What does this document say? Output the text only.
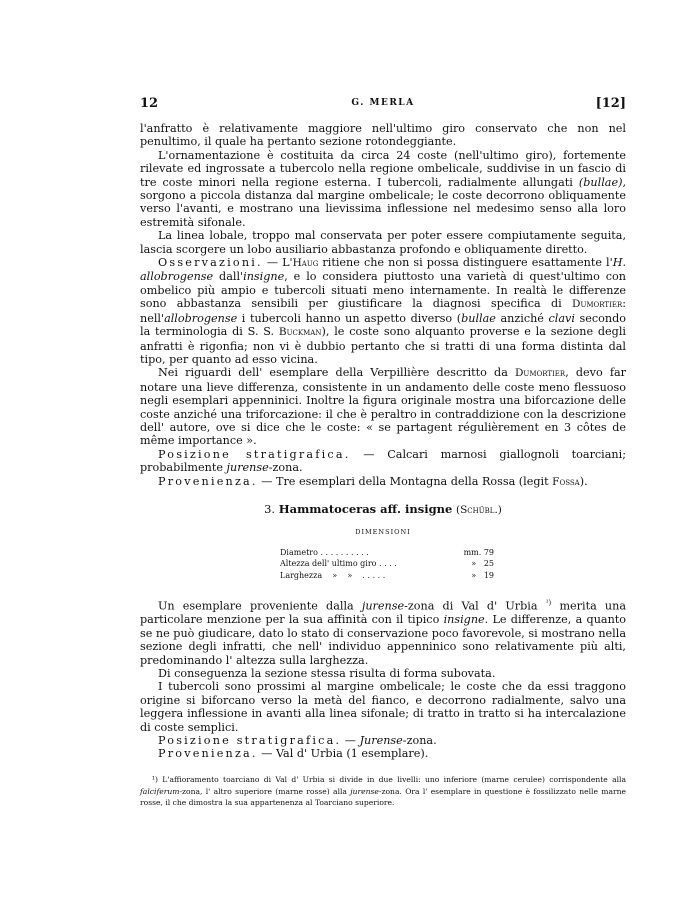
12	G. MERLA	[12]

l'anfratto è relativamente maggiore nell'ultimo giro conservato che non nel penultimo, il quale ha pertanto sezione rotondeggiante.

L'ornamentazione è costituita da circa 24 coste (nell'ultimo giro), fortemente rilevate ed ingrossate a tubercolo nella regione ombelicale, suddivise in un fascio di tre coste minori nella regione esterna. I tubercoli, radialmente allungati (bullae), sorgono a piccola distanza dal margine ombelicale; le coste decorrono obliquamente verso l'avanti, e mostrano una lievissima inflessione nel medesimo senso alla loro estremità sifonale.

La linea lobale, troppo mal conservata per poter essere compiutamente seguita, lascia scorgere un lobo ausiliario abbastanza profondo e obliquamente diretto.

Osservazioni. — L'Haug ritiene che non si possa distinguere esattamente l'H. allobrogense dall'insigne, e lo considera piuttosto una varietà di quest'ultimo con ombelico più ampio e tubercoli situati meno internamente. In realtà le differenze sono abbastanza sensibili per giustificare la diagnosi specifica di Dumortier: nell'allobrogense i tubercoli hanno un aspetto diverso (bullae anziché clavi secondo la terminologia di S. S. Buckman), le coste sono alquanto proverse e la sezione degli anfratti è rigonfia; non vi è dubbio pertanto che si tratti di una forma distinta dal tipo, per quanto ad esso vicina.

Nei riguardi dell' esemplare della Verpillière descritto da Dumortier, devo far notare una lieve differenza, consistente in un andamento delle coste meno flessuoso negli esemplari appenninici. Inoltre la figura originale mostra una biforcazione delle coste anziché una triforcazione: il che è peraltro in contraddizione con la descrizione dell' autore, ove si dice che le coste: « se partagent régulièrement en 3 côtes de même importance ».

Posizione stratigrafica. — Calcari marnosi giallognoli toarciani; probabilmente jurense-zona.

Provenienza. — Tre esemplari della Montagna della Rossa (legit Fossa).

3. Hammatoceras aff. insigne (Schübl.)
DIMENSIONI
Diametro . . . . . . . . . .	mm. 79
Altezza dell' ultimo giro . . . .	»   25
Larghezza    »    »    . . . . .	»   19

Un esemplare proveniente dalla jurense-zona di Val d' Urbia $^{^1)}$ merita una particolare menzione per la sua affinità con il tipico insigne. Le differenze, a quanto se ne può giudicare, dato lo stato di conservazione poco favorevole, si mostrano nella sezione degli infratti, che nell' individuo appenninico sono relativamente più alti, predominando l' altezza sulla larghezza.

Di conseguenza la sezione stessa risulta di forma subovata.

I tubercoli sono prossimi al margine ombelicale; le coste che da essi traggono origine si biforcano verso la metà del fianco, e decorrono radialmente, salvo una leggera inflessione in avanti alla linea sifonale; di tratto in tratto si ha intercalazione di coste semplici.

Posizione stratigrafica. — Jurense-zona.

Provenienza. — Val d' Urbia (1 esemplare).

¹) L'affioramento toarciano di Val d' Urbia si divide in due livelli: uno inferiore (marne cerulee) corrispondente alla falciferum-zona, l' altro superiore (marne rosse) alla jurense-zona. Ora l' esemplare in questione è fossilizzato nelle marne rosse, il che dimostra la sua appartenenza al Toarciano superiore.
